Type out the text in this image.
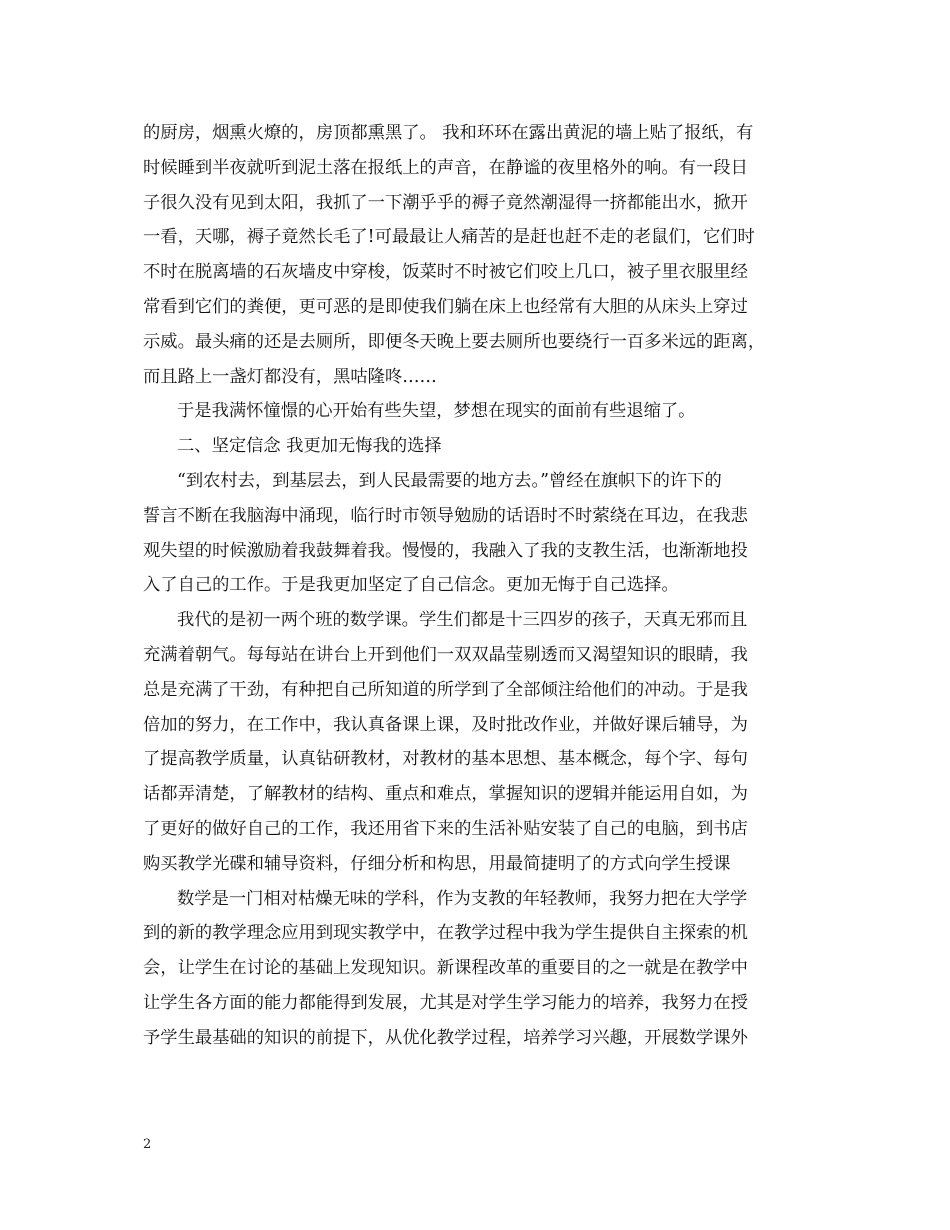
的厨房，烟熏火燎的，房顶都熏黑了。 我和环环在露出黄泥的墙上贴了报纸，有
时候睡到半夜就听到泥土落在报纸上的声音，在静谧的夜里格外的响。有一段日
子很久没有见到太阳，我抓了一下潮乎乎的褥子竟然潮湿得一挤都能出水，掀开
一看，天哪，褥子竟然长毛了!可最最让人痛苦的是赶也赶不走的老鼠们，它们时
不时在脱离墙的石灰墙皮中穿梭，饭菜时不时被它们咬上几口，被子里衣服里经
常看到它们的粪便，更可恶的是即使我们躺在床上也经常有大胆的从床头上穿过
示威。最头痛的还是去厕所，即便冬天晚上要去厕所也要绕行一百多米远的距离，
而且路上一盏灯都没有，黑咕隆咚……
于是我满怀憧憬的心开始有些失望，梦想在现实的面前有些退缩了。
二、坚定信念 我更加无悔我的选择
“到农村去，到基层去，到人民最需要的地方去。”曾经在旗帜下的许下的
誓言不断在我脑海中涌现，临行时市领导勉励的话语时不时萦绕在耳边，在我悲
观失望的时候激励着我鼓舞着我。慢慢的，我融入了我的支教生活，也渐渐地投
入了自己的工作。于是我更加坚定了自己信念。更加无悔于自己选择。
我代的是初一两个班的数学课。学生们都是十三四岁的孩子，天真无邪而且
充满着朝气。每每站在讲台上开到他们一双双晶莹剔透而又渴望知识的眼睛，我
总是充满了干劲，有种把自己所知道的所学到了全部倾注给他们的冲动。于是我
倍加的努力，在工作中，我认真备课上课，及时批改作业，并做好课后辅导，为
了提高教学质量，认真钻研教材，对教材的基本思想、基本概念，每个字、每句
话都弄清楚，了解教材的结构、重点和难点，掌握知识的逻辑并能运用自如，为
了更好的做好自己的工作，我还用省下来的生活补贴安装了自己的电脑，到书店
购买教学光碟和辅导资料，仔细分析和构思，用最简捷明了的方式向学生授课
数学是一门相对枯燥无味的学科，作为支教的年轻教师，我努力把在大学学
到的新的教学理念应用到现实教学中，在教学过程中我为学生提供自主探索的机
会，让学生在讨论的基础上发现知识。新课程改革的重要目的之一就是在教学中
让学生各方面的能力都能得到发展，尤其是对学生学习能力的培养，我努力在授
予学生最基础的知识的前提下，从优化教学过程，培养学习兴趣，开展数学课外
2
